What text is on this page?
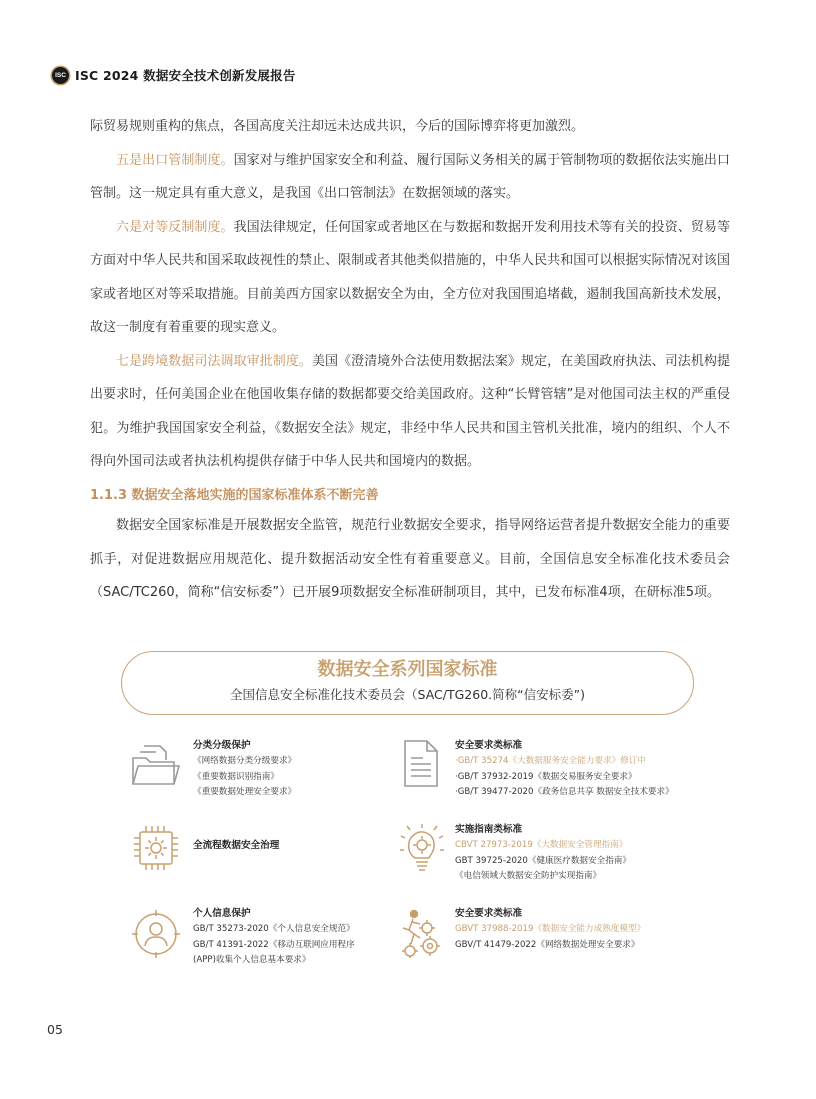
ISC ISC 2024 数据安全技术创新发展报告

际贸易规则重构的焦点，各国高度关注却远未达成共识，今后的国际博弈将更加激烈。

五是出口管制制度。国家对与维护国家安全和利益、履行国际义务相关的属于管制物项的数据依法实施出口管制。这一规定具有重大意义，是我国《出口管制法》在数据领域的落实。

六是对等反制制度。我国法律规定，任何国家或者地区在与数据和数据开发利用技术等有关的投资、贸易等方面对中华人民共和国采取歧视性的禁止、限制或者其他类似措施的，中华人民共和国可以根据实际情况对该国家或者地区对等采取措施。目前美西方国家以数据安全为由，全方位对我国围追堵截，遏制我国高新技术发展，故这一制度有着重要的现实意义。

七是跨境数据司法调取审批制度。美国《澄清境外合法使用数据法案》规定，在美国政府执法、司法机构提出要求时，任何美国企业在他国收集存储的数据都要交给美国政府。这种“长臂管辖”是对他国司法主权的严重侵犯。为维护我国国家安全利益，《数据安全法》规定，非经中华人民共和国主管机关批准，境内的组织、个人不得向外国司法或者执法机构提供存储于中华人民共和国境内的数据。

1.1.3 数据安全落地实施的国家标准体系不断完善

数据安全国家标准是开展数据安全监管，规范行业数据安全要求，指导网络运营者提升数据安全能力的重要抓手，对促进数据应用规范化、提升数据活动安全性有着重要意义。目前，全国信息安全标准化技术委员会（SAC/TC260，简称“信安标委”）已开展9项数据安全标准研制项目，其中，已发布标准4项，在研标准5项。

数据安全系列国家标准
全国信息安全标准化技术委员会（SAC/TG260.简称“信安标委”)
分类分级保护
《网络数据分类分级要求》
《重要数据识别指南》
《重要数据处理安全要求》
安全要求类标准
·GB/T 35274《大数据服务安全能力要求》修订中
·GB/T 37932-2019《数据交易服务安全要求》
·GB/T 39477-2020《政务信息共享 数据安全技术要求》
全流程数据安全治理
实施指南类标准
CBVT 27973-2019《大数据安全管理指南》
GBT 39725-2020《健康医疗数据安全指南》
《电信领域大数据安全防护实现指南》
个人信息保护
GB/T 35273-2020《个人信息安全规范》
GB/T 41391-2022《移动互联网应用程序
(APP)收集个人信息基本要求》
安全要求类标准
GBVT 37988-2019《数据安全能力成熟度模型》
GBV/T 41479-2022《网络数据处理安全要求》
05
